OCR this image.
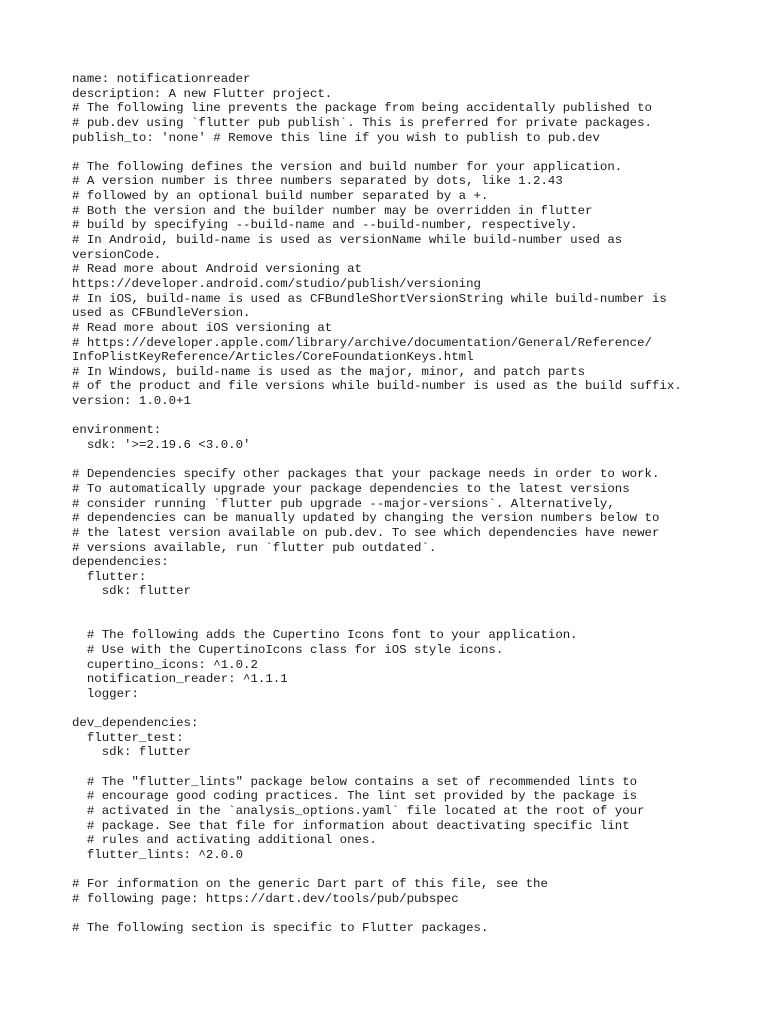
name: notificationreader
description: A new Flutter project.
# The following line prevents the package from being accidentally published to
# pub.dev using `flutter pub publish`. This is preferred for private packages.
publish_to: 'none' # Remove this line if you wish to publish to pub.dev
# The following defines the version and build number for your application.
# A version number is three numbers separated by dots, like 1.2.43
# followed by an optional build number separated by a +.
# Both the version and the builder number may be overridden in flutter
# build by specifying --build-name and --build-number, respectively.
# In Android, build-name is used as versionName while build-number used as
versionCode.
# Read more about Android versioning at
https://developer.android.com/studio/publish/versioning
# In iOS, build-name is used as CFBundleShortVersionString while build-number is
used as CFBundleVersion.
# Read more about iOS versioning at
# https://developer.apple.com/library/archive/documentation/General/Reference/
InfoPlistKeyReference/Articles/CoreFoundationKeys.html
# In Windows, build-name is used as the major, minor, and patch parts
# of the product and file versions while build-number is used as the build suffix.
version: 1.0.0+1
environment:
sdk: '>=2.19.6 <3.0.0'
# Dependencies specify other packages that your package needs in order to work.
# To automatically upgrade your package dependencies to the latest versions
# consider running `flutter pub upgrade --major-versions`. Alternatively,
# dependencies can be manually updated by changing the version numbers below to
# the latest version available on pub.dev. To see which dependencies have newer
# versions available, run `flutter pub outdated`.
dependencies:
flutter:
sdk: flutter
# The following adds the Cupertino Icons font to your application.
# Use with the CupertinoIcons class for iOS style icons.
cupertino_icons: ^1.0.2
notification_reader: ^1.1.1
logger:
dev_dependencies:
flutter_test:
sdk: flutter
# The "flutter_lints" package below contains a set of recommended lints to
# encourage good coding practices. The lint set provided by the package is
# activated in the `analysis_options.yaml` file located at the root of your
# package. See that file for information about deactivating specific lint
# rules and activating additional ones.
flutter_lints: ^2.0.0
# For information on the generic Dart part of this file, see the
# following page: https://dart.dev/tools/pub/pubspec
# The following section is specific to Flutter packages.
